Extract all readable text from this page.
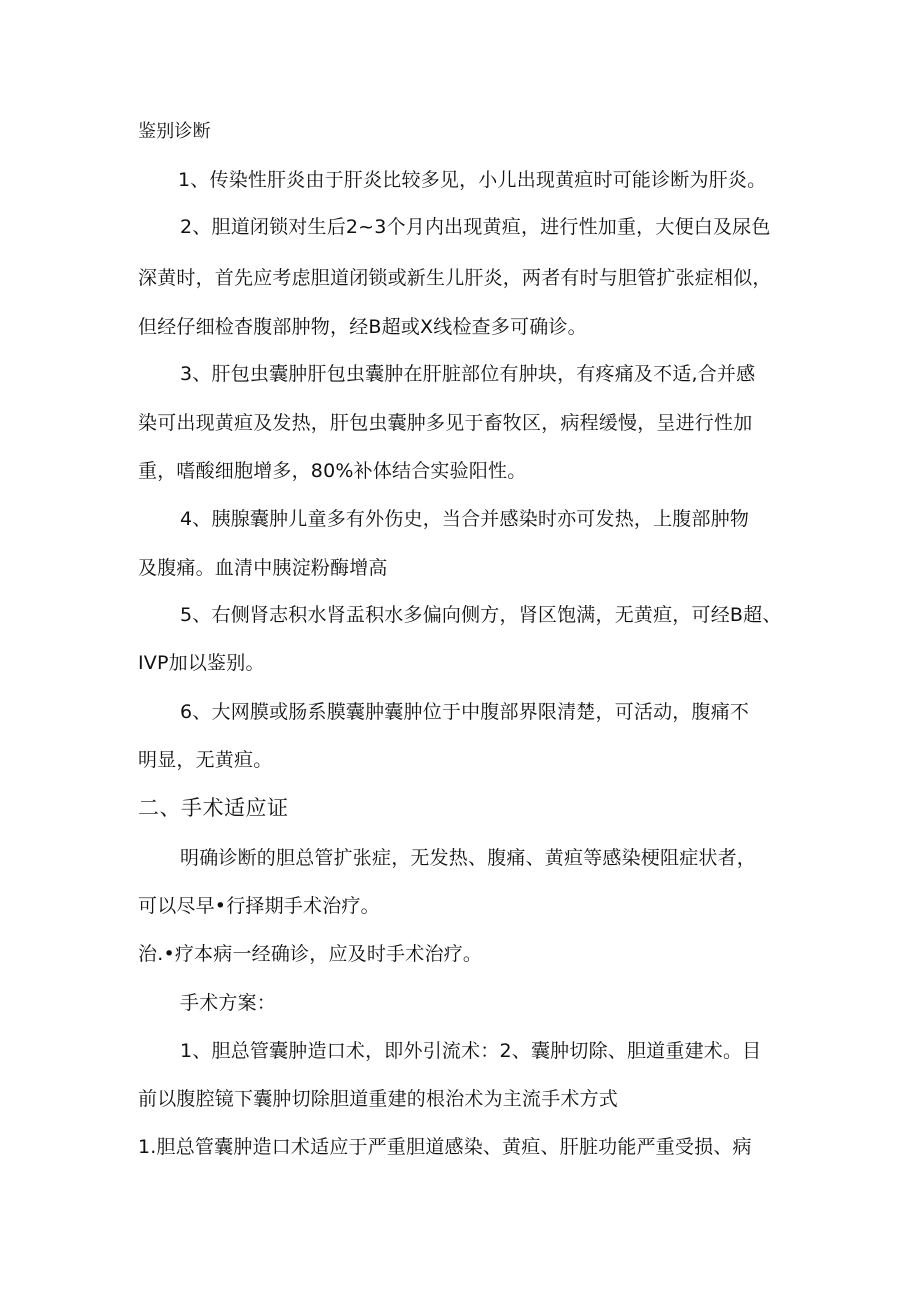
鉴别诊断
1、传染性肝炎由于肝炎比较多见，小儿出现黄疸时可能诊断为肝炎。
2、胆道闭锁对生后2~3个月内出现黄疸，进行性加重，大便白及尿色
深黄时，首先应考虑胆道闭锁或新生儿肝炎，两者有时与胆管扩张症相似，
但经仔细检杳腹部肿物，经B超或X线检查多可确诊。
3、肝包虫囊肿肝包虫囊肿在肝脏部位有肿块，有疼痛及不适,合并感
染可出现黄疸及发热，肝包虫囊肿多见于畜牧区，病程缓慢，呈进行性加
重，嗜酸细胞增多，80%补体结合实验阳性。
4、胰腺囊肿儿童多有外伤史，当合并感染时亦可发热，上腹部肿物
及腹痛。血清中胰淀粉酶增高
5、右侧肾志积水肾盂积水多偏向侧方，肾区饱满，无黄疸，可经B超、
IVP加以鉴别。
6、大网膜或肠系膜囊肿囊肿位于中腹部界限清楚，可活动，腹痛不
明显，无黄疸。
二、手术适应证
明确诊断的胆总管扩张症，无发热、腹痛、黄疸等感染梗阻症状者，
可以尽早•行择期手术治疗。
治.•疗本病一经确诊，应及时手术治疗。
手术方案：
1、胆总管囊肿造口术，即外引流术：2、囊肿切除、胆道重建术。目
前以腹腔镜下囊肿切除胆道重建的根治术为主流手术方式
1.胆总管囊肿造口术适应于严重胆道感染、黄疸、肝脏功能严重受损、病
